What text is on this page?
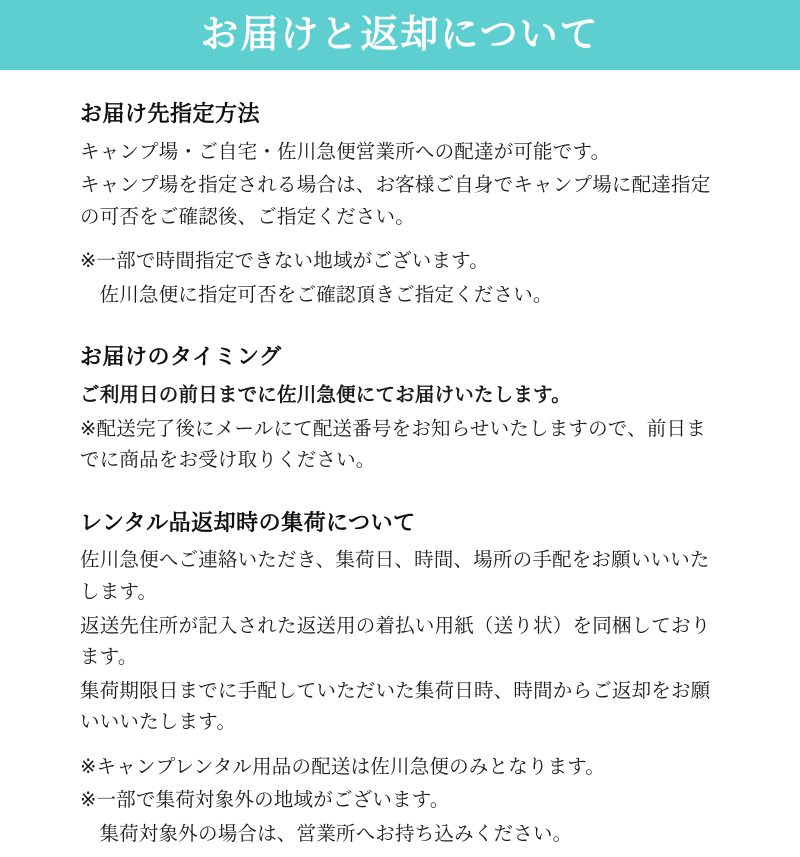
お届けと返却について
お届け先指定方法

キャンプ場・ご自宅・佐川急便営業所への配達が可能です。

キャンプ場を指定される場合は、お客様ご自身でキャンプ場に配達指定の可否をご確認後、ご指定ください。

※一部で時間指定できない地域がございます。

佐川急便に指定可否をご確認頂きご指定ください。

お届けのタイミング

ご利用日の前日までに佐川急便にてお届けいたします。

※配送完了後にメールにて配送番号をお知らせいたしますので、前日までに商品をお受け取りください。

レンタル品返却時の集荷について

佐川急便へご連絡いただき、集荷日、時間、場所の手配をお願いいいたします。

返送先住所が記入された返送用の着払い用紙（送り状）を同梱しております。

集荷期限日までに手配していただいた集荷日時、時間からご返却をお願いいいたします。

※キャンプレンタル用品の配送は佐川急便のみとなります。

※一部で集荷対象外の地域がございます。

集荷対象外の場合は、営業所へお持ち込みください。
